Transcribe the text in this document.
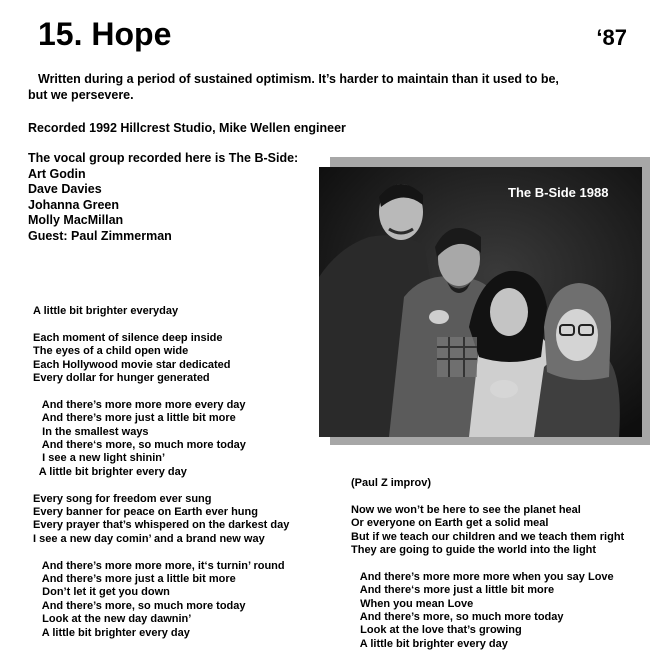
15. Hope	‘87
Written during a period of sustained optimism. It’s harder to maintain than it used to be,
but we persevere.
Recorded 1992 Hillcrest Studio, Mike Wellen engineer
The vocal group recorded here is The B-Side:
Art Godin
Dave Davies
Johanna Green
Molly MacMillan
Guest: Paul Zimmerman
The B-Side 1988
A little bit brighter everyday
Each moment of silence deep inside
The eyes of a child open wide
Each Hollywood movie star dedicated
Every dollar for hunger generated
And there’s more more more every day
And there’s more just a little bit more
In the smallest ways
And there‘s more, so much more today
I see a new light shinin’
A little bit brighter every day
Every song for freedom ever sung
Every banner for peace on Earth ever hung
Every prayer that’s whispered on the darkest day
I see a new day comin’ and a brand new way
And there’s more more more, it‘s turnin’ round
And there’s more just a little bit more
Don’t let it get you down
And there’s more, so much more today
Look at the new day dawnin’
A little bit brighter every day
(Paul Z improv)
Now we won’t be here to see the planet heal
Or everyone on Earth get a solid meal
But if we teach our children and we teach them right
They are going to guide the world into the light
And there’s more more more when you say Love
And there‘s more just a little bit more
When you mean Love
And there’s more, so much more today
Look at the love that’s growing
A little bit brighter every day
